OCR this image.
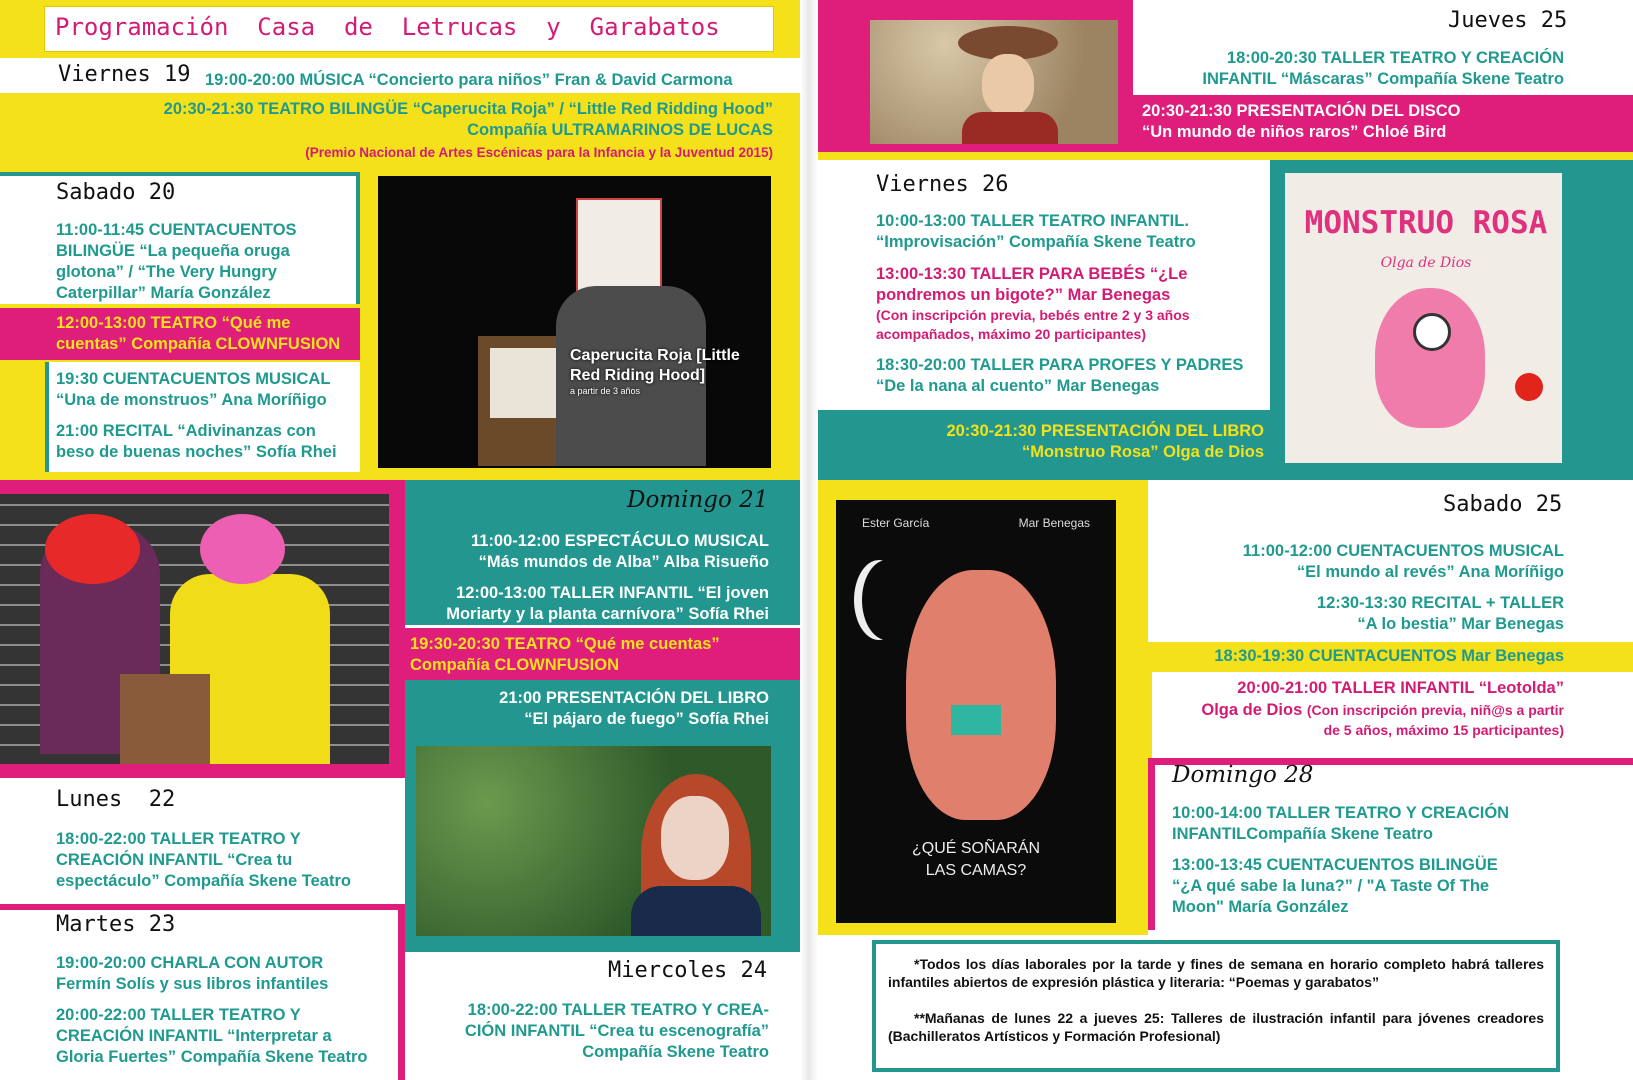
Programación  Casa  de  Letrucas  y  Garabatos
Viernes 19 19:00-20:00 MÚSICA “Concierto para niños” Fran & David Carmona
20:30-21:30 TEATRO BILINGÜE “Caperucita Roja” / “Little Red Ridding Hood”
Compañía ULTRAMARINOS DE LUCAS
(Premio Nacional de Artes Escénicas para la Infancia y la Juventud 2015)
Sabado 20
11:00-11:45 CUENTACUENTOS
BILINGÜE “La pequeña oruga
glotona” / “The Very Hungry
Caterpillar” María González
12:00-13:00 TEATRO “Qué me
cuentas” Compañía CLOWNFUSION
19:30 CUENTACUENTOS MUSICAL
“Una de monstruos” Ana Moríñigo
21:00 RECITAL “Adivinanzas con
beso de buenas noches” Sofía Rhei
Caperucita Roja [Little
Red Riding Hood]
a partir de 3 años
Domingo 21
11:00-12:00 ESPECTÁCULO MUSICAL
“Más mundos de Alba” Alba Risueño
12:00-13:00 TALLER INFANTIL “El joven
Moriarty y la planta carnívora” Sofía Rhei
19:30-20:30 TEATRO “Qué me cuentas”
Compañía CLOWNFUSION
21:00 PRESENTACIÓN DEL LIBRO
“El pájaro de fuego” Sofía Rhei
Lunes  22
18:00-22:00 TALLER TEATRO Y
CREACIÓN INFANTIL “Crea tu
espectáculo” Compañía Skene Teatro
Martes 23
19:00-20:00 CHARLA CON AUTOR
Fermín Solís y sus libros infantiles
20:00-22:00 TALLER TEATRO Y
CREACIÓN INFANTIL “Interpretar a
Gloria Fuertes” Compañía Skene Teatro
Miercoles 24
18:00-22:00 TALLER TEATRO Y CREA-
CIÓN INFANTIL “Crea tu escenografía”
Compañía Skene Teatro
Jueves 25
18:00-20:30 TALLER TEATRO Y CREACIÓN
INFANTIL “Máscaras” Compañía Skene Teatro
20:30-21:30 PRESENTACIÓN DEL DISCO
“Un mundo de niños raros” Chloé Bird
Viernes 26
10:00-13:00 TALLER TEATRO INFANTIL.
“Improvisación” Compañía Skene Teatro
13:00-13:30 TALLER PARA BEBÉS “¿Le
pondremos un bigote?” Mar Benegas
(Con inscripción previa, bebés entre 2 y 3 años
acompañados, máximo 20 participantes)
18:30-20:00 TALLER PARA PROFES Y PADRES
“De la nana al cuento” Mar Benegas
20:30-21:30 PRESENTACIÓN DEL LIBRO
“Monstruo Rosa” Olga de Dios
MONSTRUO ROSA
Olga de Dios
Ester García	Mar Benegas
¿QUÉ SOÑARÁN
LAS CAMAS?
Sabado 25
11:00-12:00 CUENTACUENTOS MUSICAL
“El mundo al revés” Ana Moríñigo
12:30-13:30 RECITAL + TALLER
“A lo bestia” Mar Benegas
18:30-19:30 CUENTACUENTOS Mar Benegas
20:00-21:00 TALLER INFANTIL “Leotolda”
Olga de Dios (Con inscripción previa, niñ@s a partir
de 5 años, máximo 15 participantes)
Domingo 28
10:00-14:00 TALLER TEATRO Y CREACIÓN
INFANTILCompañía Skene Teatro
13:00-13:45 CUENTACUENTOS BILINGÜE
“¿A qué sabe la luna?” / "A Taste Of The
Moon" María González
*Todos los días laborales por la tarde y fines de semana en horario completo habrá talleres infantiles abiertos de expresión plástica y literaria: “Poemas y garabatos”
**Mañanas de lunes 22 a jueves 25: Talleres de ilustración infantil para jóvenes creadores (Bachilleratos Artísticos y Formación Profesional)
